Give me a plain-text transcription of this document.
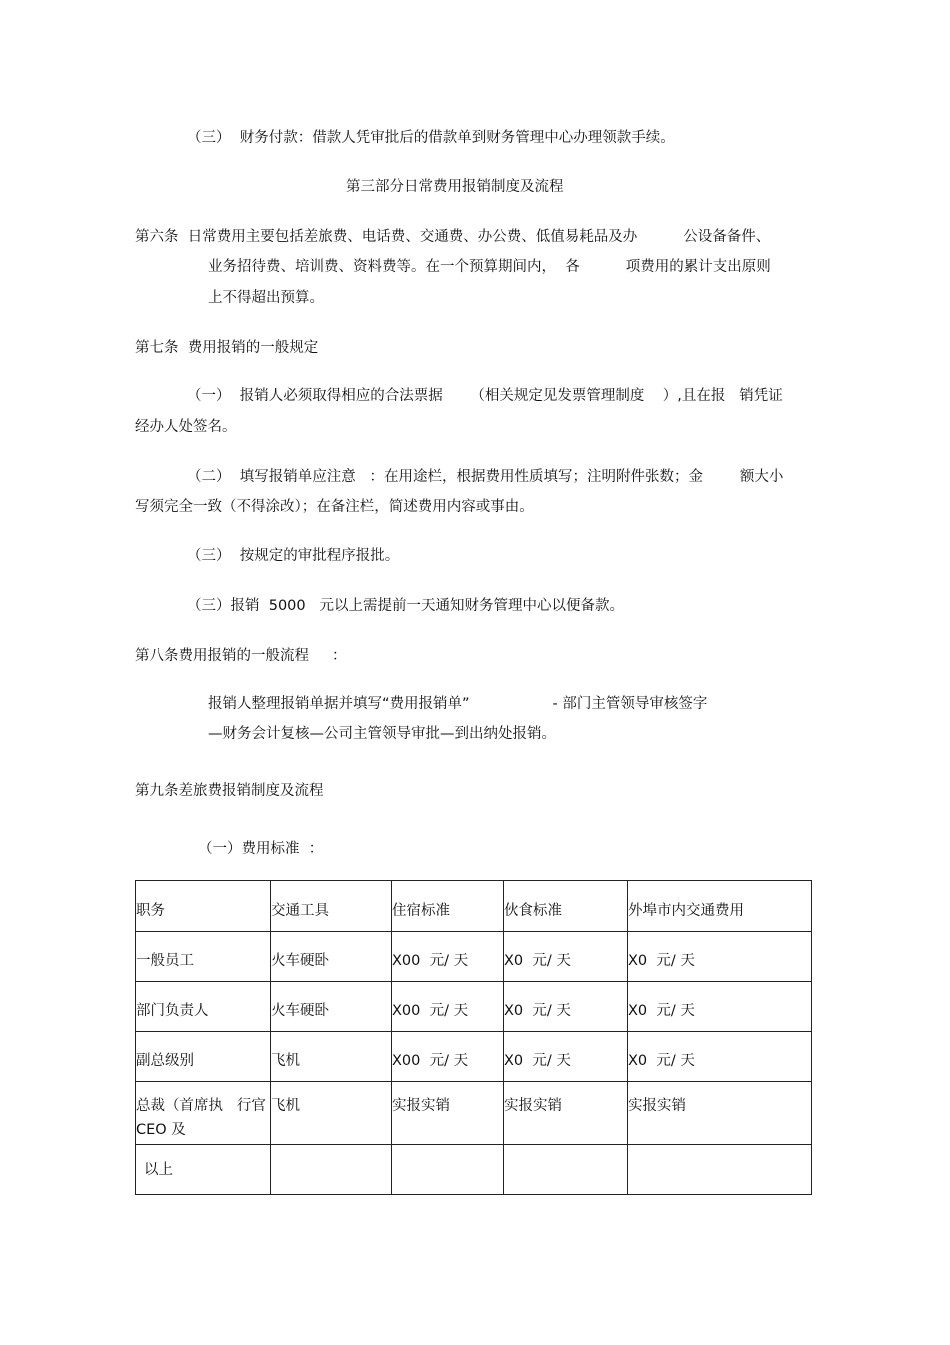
（三）  财务付款：借款人凭审批后的借款单到财务管理中心办理领款手续。

第三部分日常费用报销制度及流程

第六条  日常费用主要包括差旅费、电话费、交通费、办公费、低值易耗品及办          公设备备件、

业务招待费、培训费、资料费等。在一个预算期间内，  各          项费用的累计支出原则

上不得超出预算。

第七条  费用报销的一般规定

（一）  报销人必须取得相应的合法票据      （相关规定见发票管理制度    ）,且在报   销凭证

经办人处签名。

（二）  填写报销单应注意   ：在用途栏，根据费用性质填写；注明附件张数；金        额大小

写须完全一致（不得涂改）；在备注栏，简述费用内容或事由。

（三）  按规定的审批程序报批。

（三）报销  5000   元以上需提前一天通知财务管理中心以便备款。

第八条费用报销的一般流程     ：

报销人整理报销单据并填写“费用报销单”                  - 部门主管领导审核签字

—财务会计复核—公司主管领导审批—到出纳处报销。

第九条差旅费报销制度及流程

（一）费用标准  ：

职务	交通工具	住宿标准	伙食标准	外埠市内交通费用

一般员工	火车硬卧	X00  元/ 天	X0  元/ 天	X0  元/ 天

部门负责人	火车硬卧	X00  元/ 天	X0  元/ 天	X0  元/ 天

副总级别	飞机	X00  元/ 天	X0  元/ 天	X0  元/ 天

总裁（首席执   行官
CEO 及	飞机	实报实销	实报实销	实报实销

以上				
